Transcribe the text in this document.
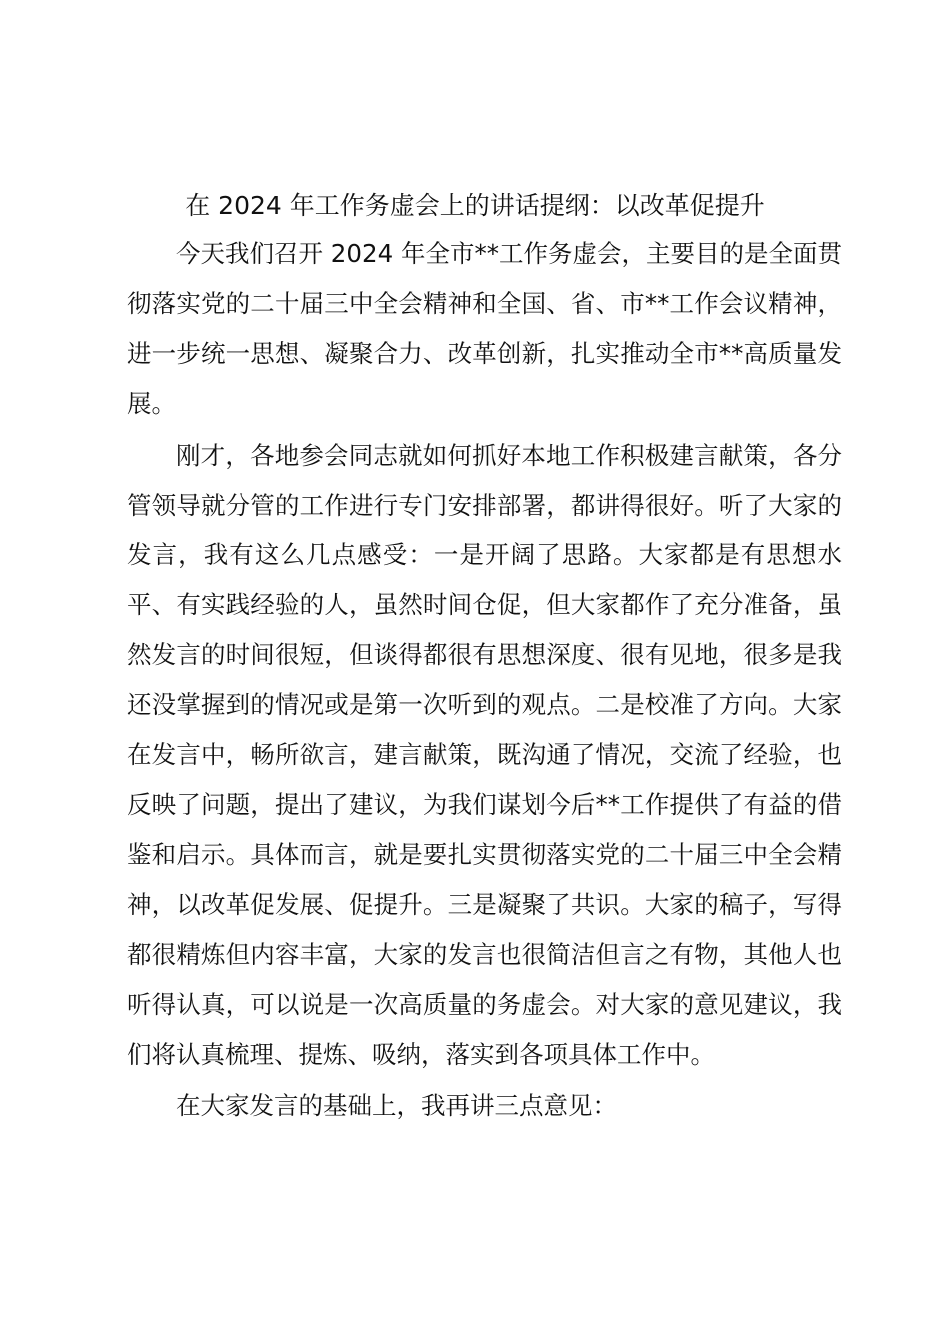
在 2024 年工作务虚会上的讲话提纲：以改革促提升

今天我们召开 2024 年全市**工作务虚会，主要目的是全面贯彻落实党的二十届三中全会精神和全国、省、市**工作会议精神，进一步统一思想、凝聚合力、改革创新，扎实推动全市**高质量发展。

刚才，各地参会同志就如何抓好本地工作积极建言献策，各分管领导就分管的工作进行专门安排部署，都讲得很好。听了大家的发言，我有这么几点感受：一是开阔了思路。大家都是有思想水平、有实践经验的人，虽然时间仓促，但大家都作了充分准备，虽然发言的时间很短，但谈得都很有思想深度、很有见地，很多是我还没掌握到的情况或是第一次听到的观点。二是校准了方向。大家在发言中，畅所欲言，建言献策，既沟通了情况，交流了经验，也反映了问题，提出了建议，为我们谋划今后**工作提供了有益的借鉴和启示。具体而言，就是要扎实贯彻落实党的二十届三中全会精神，以改革促发展、促提升。三是凝聚了共识。大家的稿子，写得都很精炼但内容丰富，大家的发言也很简洁但言之有物，其他人也听得认真，可以说是一次高质量的务虚会。对大家的意见建议，我们将认真梳理、提炼、吸纳，落实到各项具体工作中。

在大家发言的基础上，我再讲三点意见：
